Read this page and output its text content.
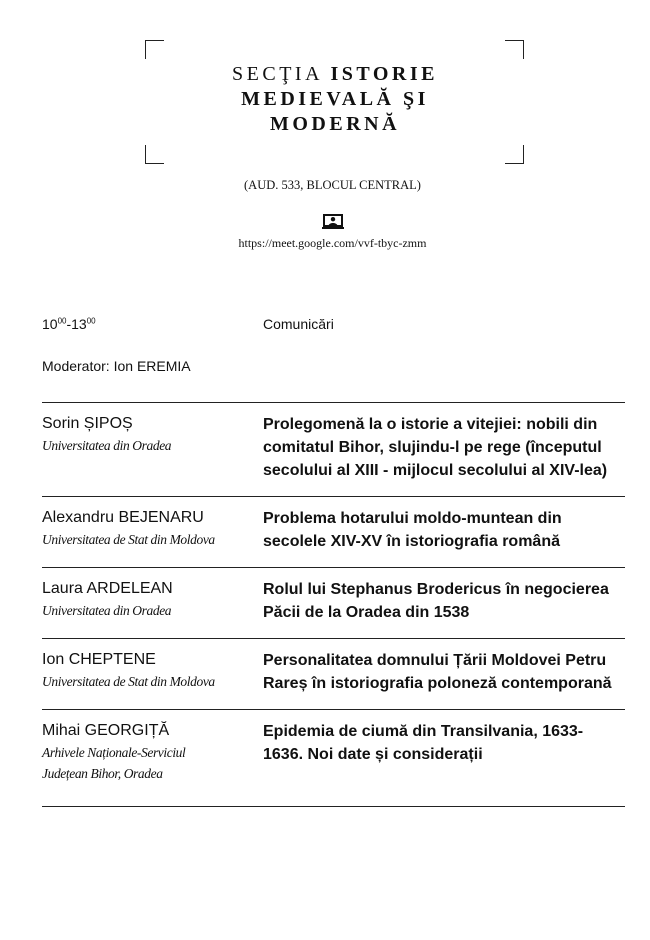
SECŢIA ISTORIE
MEDIEVALĂ ŞI
MODERNĂ
(AUD. 533, BLOCUL CENTRAL)
https://meet.google.com/vvf-tbyc-zmm
$10^{00}-13^{00}$	Comunicări
Moderator: Ion EREMIA
Sorin ȘIPOȘ
Universitatea din Oradea
Prolegomenă la o istorie a vitejiei: nobili din comitatul Bihor, slujindu-l pe rege (începutul secolului al XIII - mijlocul secolului al XIV-lea)
Alexandru BEJENARU
Universitatea de Stat din Moldova
Problema hotarului moldo-muntean din secolele XIV-XV în istoriografia română
Laura ARDELEAN
Universitatea din Oradea
Rolul lui Stephanus Brodericus în negocierea Păcii de la Oradea din 1538
Ion CHEPTENE
Universitatea de Stat din Moldova
Personalitatea domnului Țării Moldovei Petru Rareș în istoriografia poloneză contemporană
Mihai GEORGIȚĂ
Arhivele Naționale-Serviciul Județean Bihor, Oradea
Epidemia de ciumă din Transilvania, 1633-1636. Noi date și considerații
